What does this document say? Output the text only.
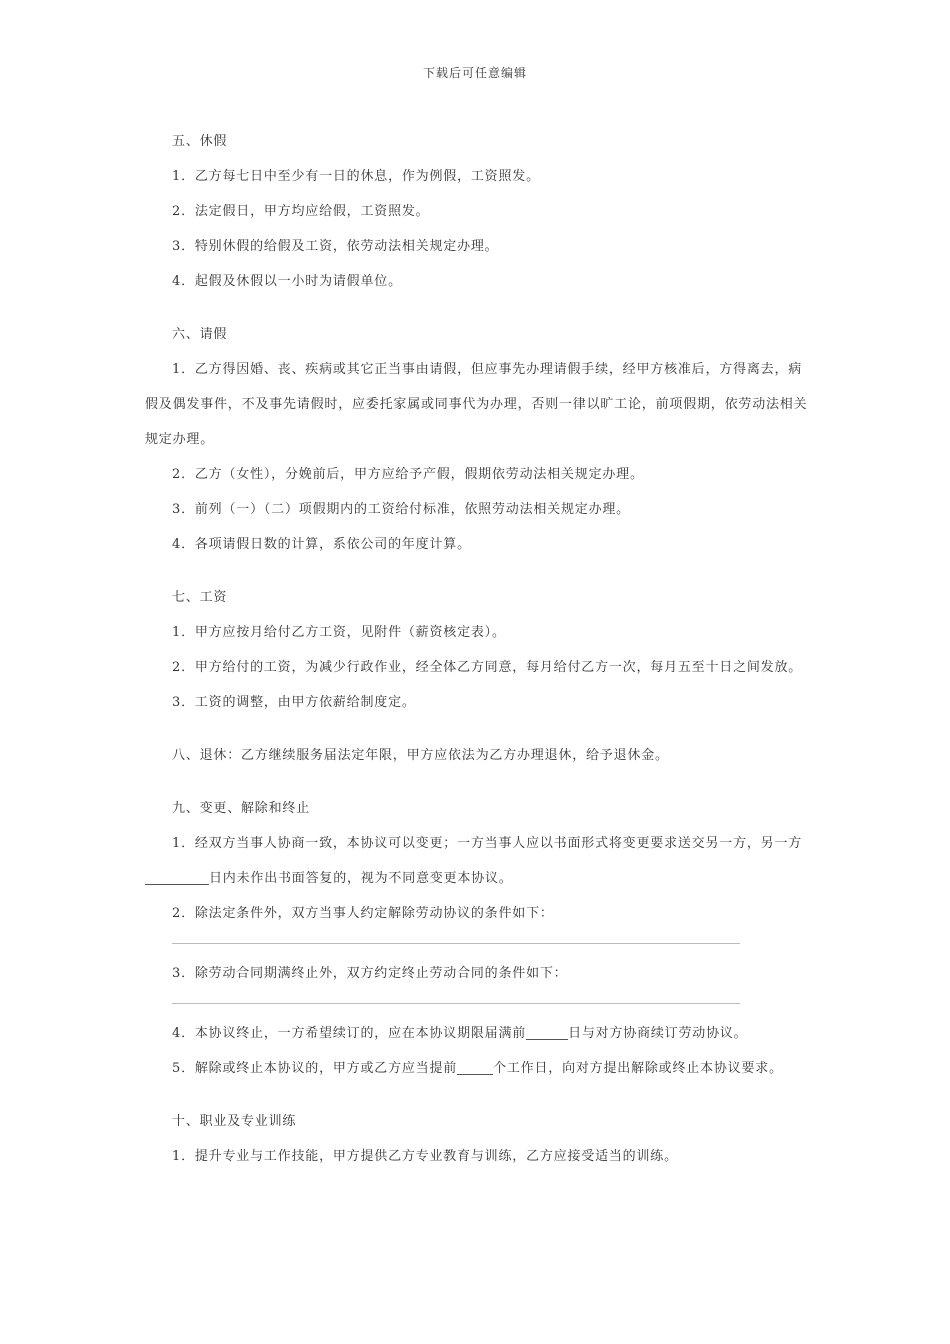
下载后可任意编辑

五、休假

1．乙方每七日中至少有一日的休息，作为例假，工资照发。

2．法定假日，甲方均应给假，工资照发。

3．特别休假的给假及工资，依劳动法相关规定办理。

4．起假及休假以一小时为请假单位。

六、请假

1．乙方得因婚、丧、疾病或其它正当事由请假，但应事先办理请假手续，经甲方核准后，方得离去，病假及偶发事件，不及事先请假时，应委托家属或同事代为办理，否则一律以旷工论，前项假期，依劳动法相关规定办理。

2．乙方（女性），分娩前后，甲方应给予产假，假期依劳动法相关规定办理。

3．前列（一）（二）项假期内的工资给付标准，依照劳动法相关规定办理。

4．各项请假日数的计算，系依公司的年度计算。

七、工资

1．甲方应按月给付乙方工资，见附件（薪资核定表）。

2．甲方给付的工资，为减少行政作业，经全体乙方同意，每月给付乙方一次，每月五至十日之间发放。

3．工资的调整，由甲方依薪给制度定。

八、退休：乙方继续服务届法定年限，甲方应依法为乙方办理退休，给予退休金。

九、变更、解除和终止

1．经双方当事人协商一致，本协议可以变更；一方当事人应以书面形式将变更要求送交另一方，另一方日内未作出书面答复的，视为不同意变更本协议。

2．除法定条件外，双方当事人约定解除劳动协议的条件如下：

3．除劳动合同期满终止外，双方约定终止劳动合同的条件如下：

4．本协议终止，一方希望续订的，应在本协议期限届满前	日与对方协商续订劳动协议。

5．解除或终止本协议的，甲方或乙方应当提前	个工作日，向对方提出解除或终止本协议要求。

十、职业及专业训练

1．提升专业与工作技能，甲方提供乙方专业教育与训练，乙方应接受适当的训练。
